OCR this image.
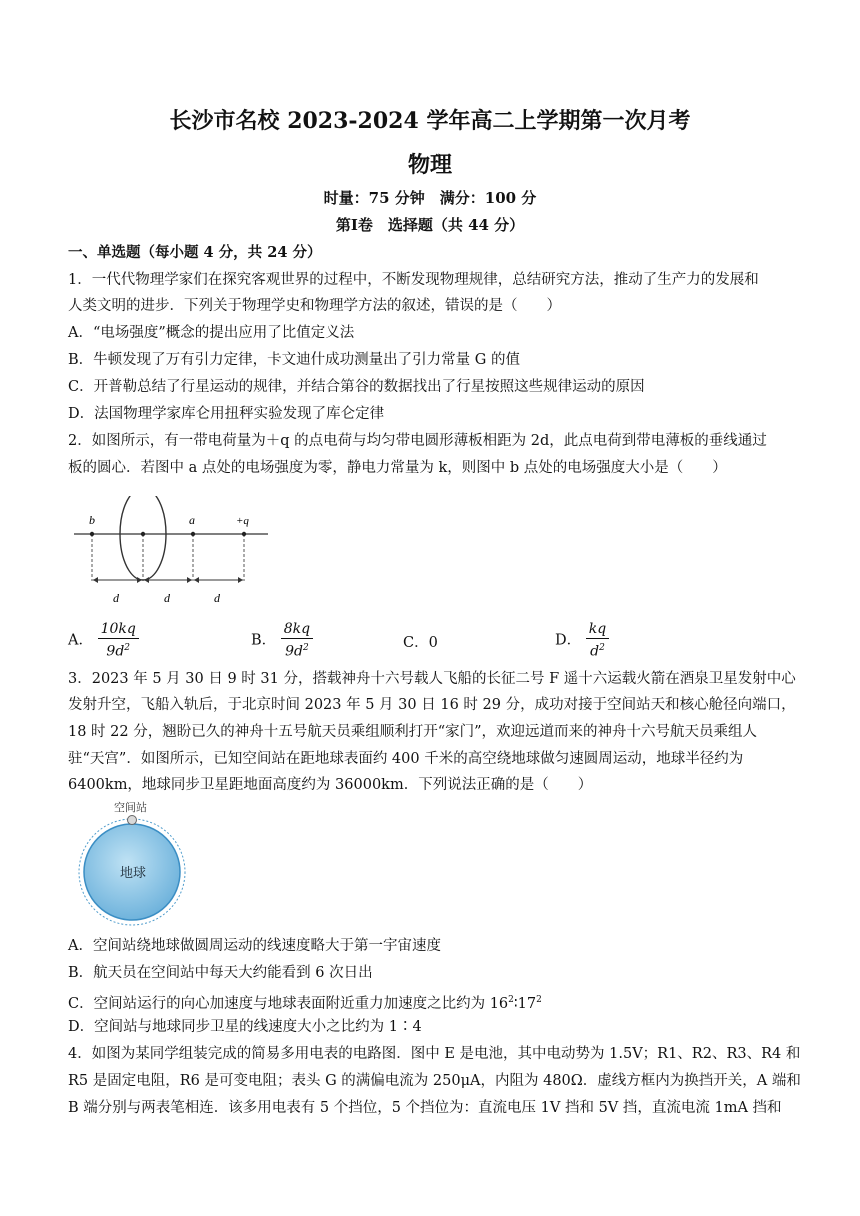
长沙市名校 2023-2024 学年高二上学期第一次月考
物理
时量：75 分钟　满分：100 分
第Ⅰ卷　选择题（共 44 分）
一、单选题（每小题 4 分，共 24 分）
1．一代代物理学家们在探究客观世界的过程中，不断发现物理规律，总结研究方法，推动了生产力的发展和
人类文明的进步．下列关于物理学史和物理学方法的叙述，错误的是（　　）
A．“电场强度”概念的提出应用了比值定义法
B．牛顿发现了万有引力定律，卡文迪什成功测量出了引力常量 G 的值
C．开普勒总结了行星运动的规律，并结合第谷的数据找出了行星按照这些规律运动的原因
D．法国物理学家库仑用扭秤实验发现了库仑定律
2．如图所示，有一带电荷量为＋q 的点电荷与均匀带电圆形薄板相距为 2d，此点电荷到带电薄板的垂线通过
板的圆心．若图中 a 点处的电场强度为零，静电力常量为 k，则图中 b 点处的电场强度大小是（　　）
b	a	+q
d	d	d
A． $\frac{10kq}{9d^2}$	B． $\frac{8kq}{9d^2}$	C．0	D． $\frac{kq}{d^2}$
3．2023 年 5 月 30 日 9 时 31 分，搭载神舟十六号载人飞船的长征二号 F 遥十六运载火箭在酒泉卫星发射中心
发射升空，飞船入轨后，于北京时间 2023 年 5 月 30 日 16 时 29 分，成功对接于空间站天和核心舱径向端口，
18 时 22 分，翘盼已久的神舟十五号航天员乘组顺利打开“家门”，欢迎远道而来的神舟十六号航天员乘组人
驻“天宫”．如图所示，已知空间站在距地球表面约 400 千米的高空绕地球做匀速圆周运动，地球半径约为
6400km，地球同步卫星距地面高度约为 36000km．下列说法正确的是（　　）
空间站
地球
A．空间站绕地球做圆周运动的线速度略大于第一宇宙速度
B．航天员在空间站中每天大约能看到 6 次日出
C．空间站运行的向心加速度与地球表面附近重力加速度之比约为 $16^2∶17^2$
D．空间站与地球同步卫星的线速度大小之比约为 1∶4
4．如图为某同学组装完成的简易多用电表的电路图．图中 E 是电池，其中电动势为 1.5V；R1、R2、R3、R4 和
R5 是固定电阻，R6 是可变电阻；表头 G 的满偏电流为 250μA，内阻为 480Ω．虚线方框内为换挡开关，A 端和
B 端分别与两表笔相连．该多用电表有 5 个挡位，5 个挡位为：直流电压 1V 挡和 5V 挡，直流电流 1mA 挡和
